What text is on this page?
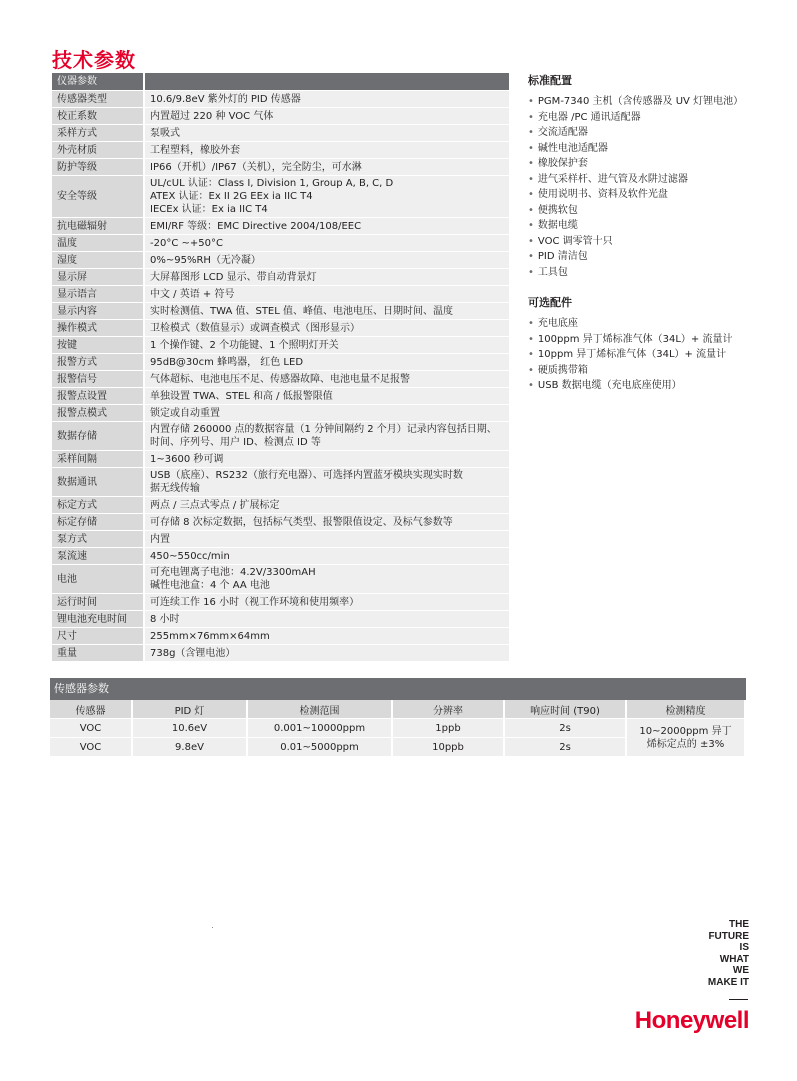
技术参数
仪器参数	
传感器类型	10.6/9.8eV 紫外灯的 PID 传感器
校正系数	内置超过 220 种 VOC 气体
采样方式	泵吸式
外壳材质	工程塑料，橡胶外套
防护等级	IP66（开机）/IP67（关机），完全防尘，可水淋
安全等级	UL/cUL 认证：Class I, Division 1, Group A, B, C, D
ATEX 认证：Ex II 2G EEx ia IIC T4
IECEx 认证：Ex ia IIC T4
抗电磁辐射	EMI/RF 等级：EMC Directive 2004/108/EEC
温度	-20°C ~+50°C
湿度	0%~95%RH（无冷凝）
显示屏	大屏幕图形 LCD 显示、带自动背景灯
显示语言	中文 / 英语 + 符号
显示内容	实时检测值、TWA 值、STEL 值、峰值、电池电压、日期时间、温度
操作模式	卫检模式（数值显示）或调查模式（图形显示）
按键	1 个操作键、2 个功能键、1 个照明灯开关
报警方式	95dB@30cm 蜂鸣器， 红色 LED
报警信号	气体超标、电池电压不足、传感器故障、电池电量不足报警
报警点设置	单独设置 TWA、STEL 和高 / 低报警限值
报警点模式	锁定或自动重置
数据存储	内置存储 260000 点的数据容量（1 分钟间隔约 2 个月）记录内容包括日期、
时间、序列号、用户 ID、检测点 ID 等
采样间隔	1~3600 秒可调
数据通讯	USB（底座）、RS232（旅行充电器）、可选择内置蓝牙模块实现实时数
据无线传输
标定方式	两点 / 三点式零点 / 扩展标定
标定存储	可存储 8 次标定数据，包括标气类型、报警限值设定、及标气参数等
泵方式	内置
泵流速	450~550cc/min
电池	可充电锂离子电池：4.2V/3300mAH
碱性电池盒：4 个 AA 电池
运行时间	可连续工作 16 小时（视工作环境和使用频率）
锂电池充电时间	8 小时
尺寸	255mm×76mm×64mm
重量	738g（含锂电池）
标准配置
• PGM-7340 主机（含传感器及 UV 灯锂电池）
• 充电器 /PC 通讯适配器
• 交流适配器
• 碱性电池适配器
• 橡胶保护套
• 进气采样杆、进气管及水阱过滤器
• 使用说明书、资料及软件光盘
• 便携软包
• 数据电缆
• VOC 调零管十只
• PID 清洁包
• 工具包
可选配件
• 充电底座
• 100ppm 异丁烯标准气体（34L）+ 流量计
• 10ppm 异丁烯标准气体（34L）+ 流量计
• 硬质携带箱
• USB 数据电缆（充电底座使用）
传感器参数
传感器	PID 灯	检测范围	分辨率	响应时间 (T90)	检测精度
VOC	10.6eV	0.001~10000ppm	1ppb	2s	10~2000ppm 异丁
烯标定点的 ±3%
VOC	9.8eV	0.01~5000ppm	10ppb	2s	
THE
FUTURE
IS
WHAT
WE
MAKE IT
Honeywell
